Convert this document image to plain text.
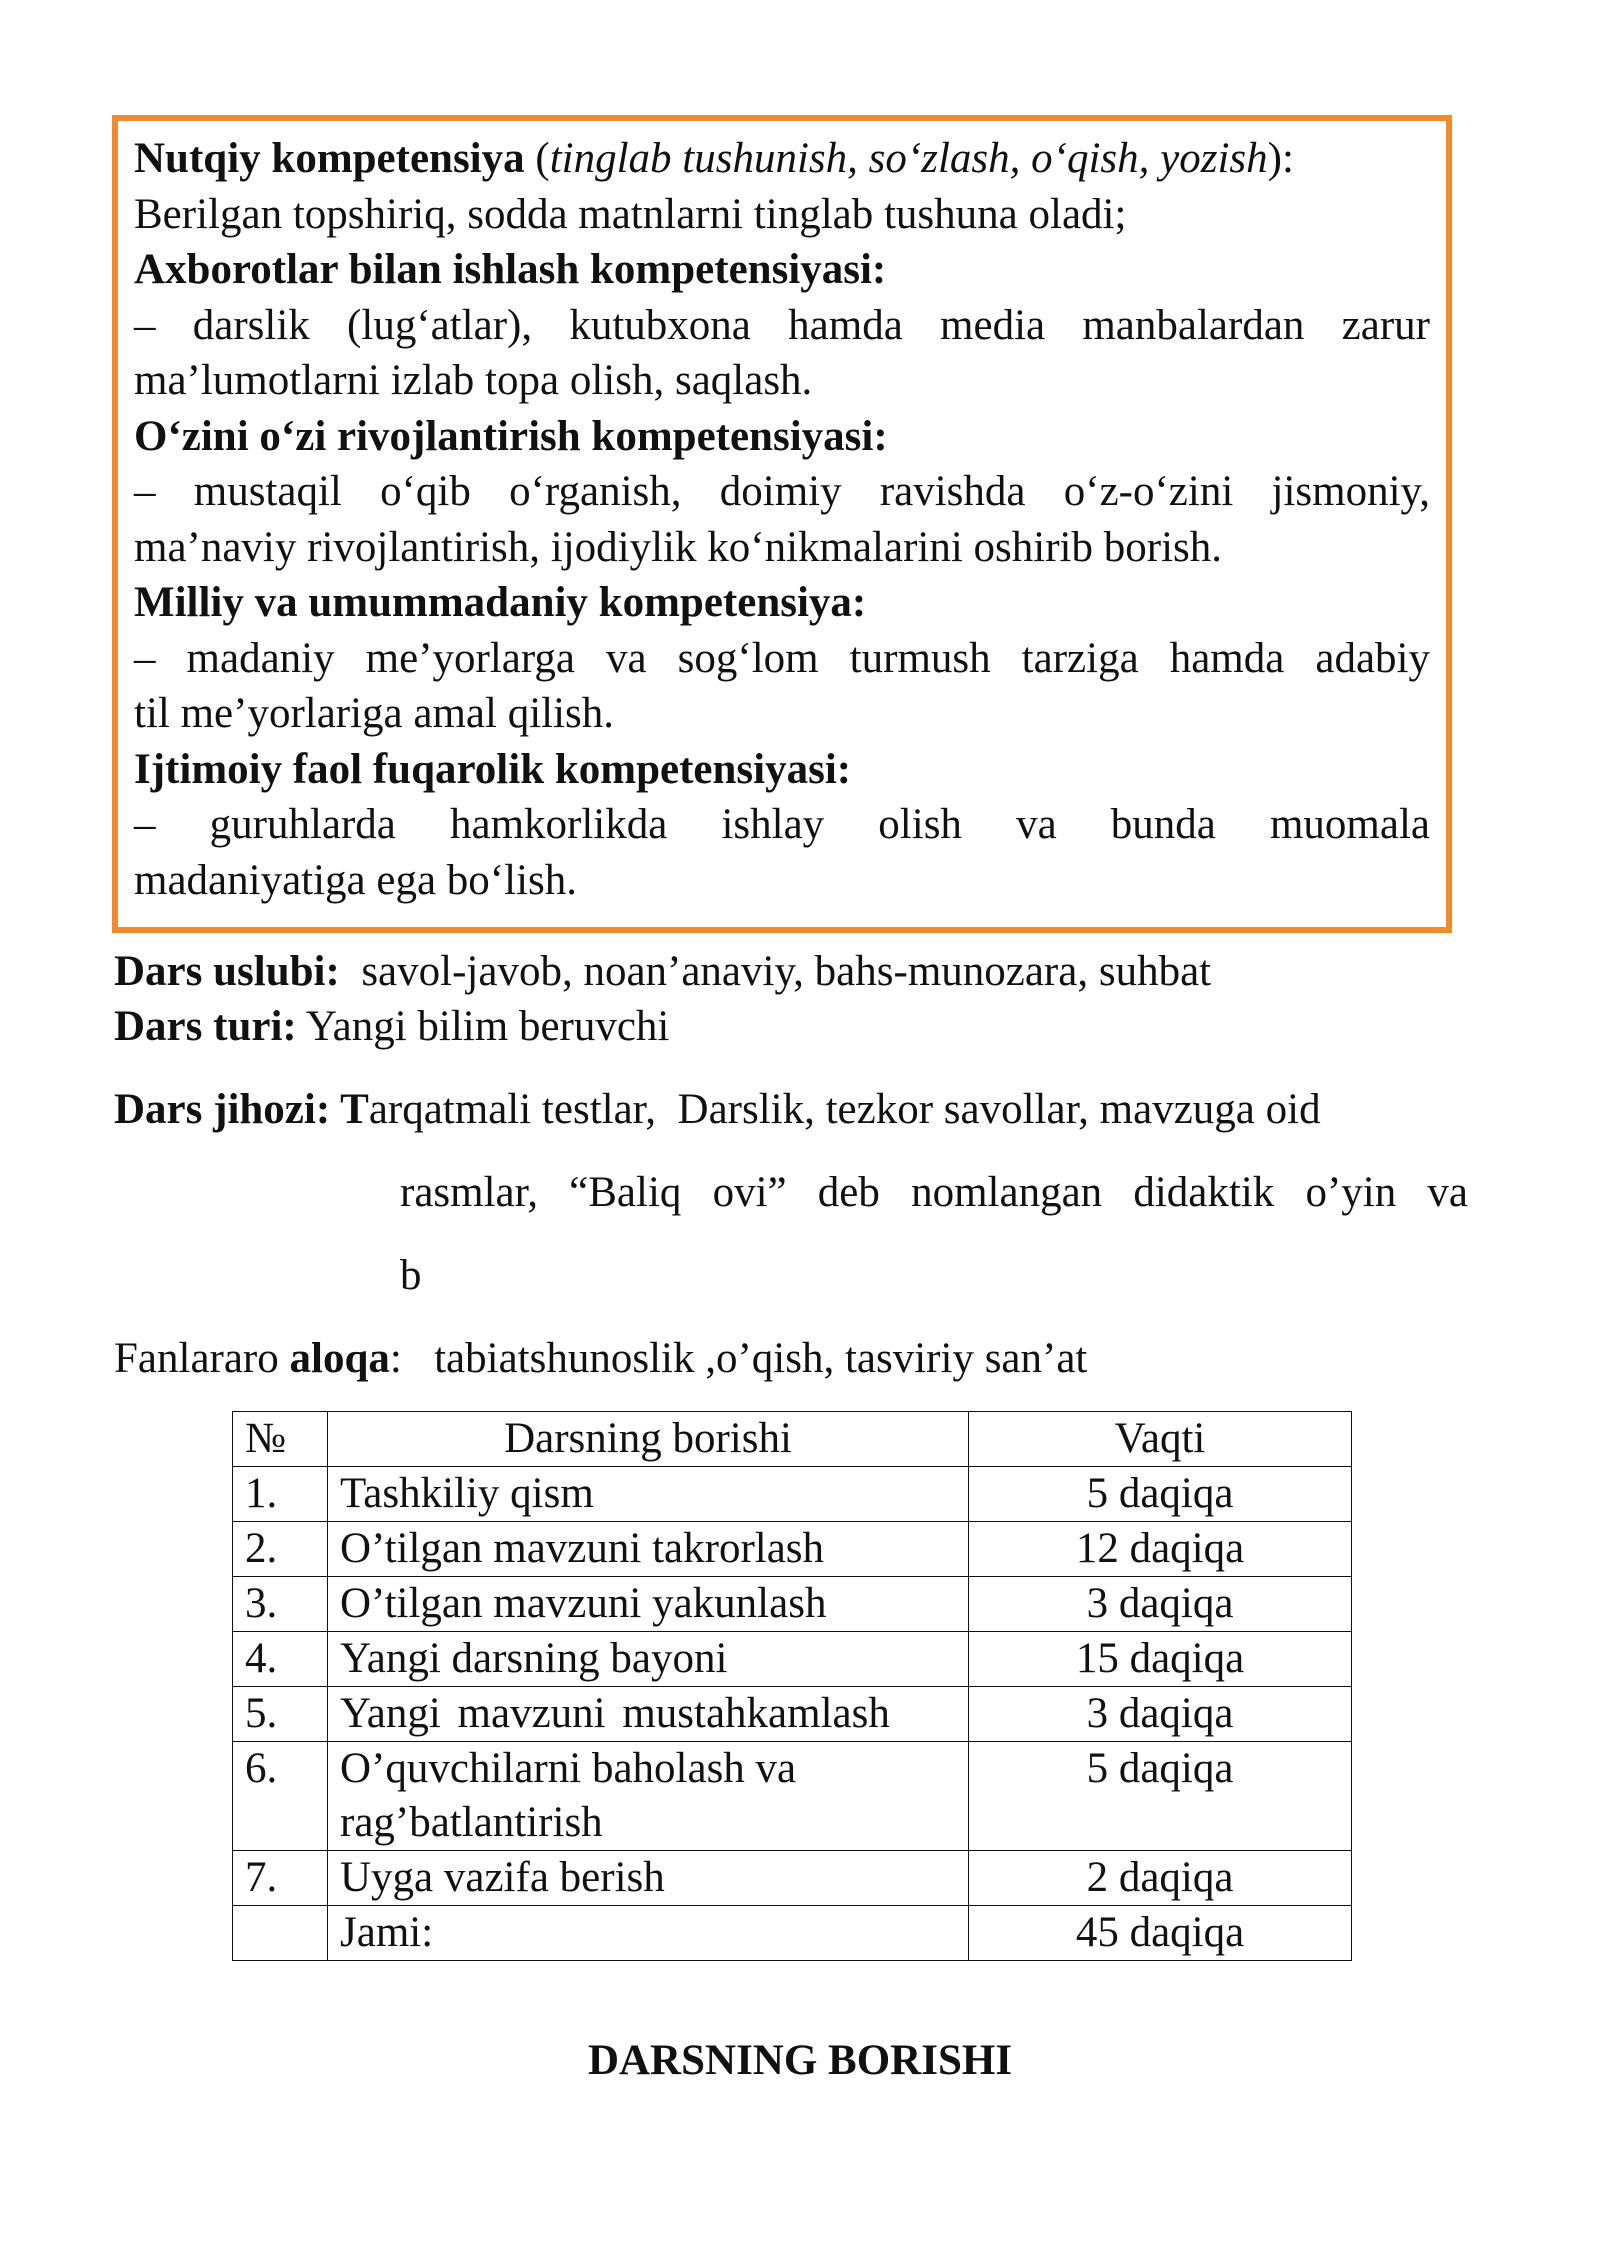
Nutqiy kompetensiya (tinglab tushunish, so‘zlash, o‘qish, yozish):

Berilgan topshiriq, sodda matnlarni tinglab tushuna oladi;

Axborotlar bilan ishlash kompetensiyasi:

– darslik (lug‘atlar), kutubxona hamda media manbalardan zarur

ma’lumotlarni izlab topa olish, saqlash.

O‘zini o‘zi rivojlantirish kompetensiyasi:

– mustaqil o‘qib o‘rganish, doimiy ravishda o‘z-o‘zini jismoniy,

ma’naviy rivojlantirish, ijodiylik ko‘nikmalarini oshirib borish.

Milliy va umummadaniy kompetensiya:

– madaniy me’yorlarga va sog‘lom turmush tarziga hamda adabiy

til me’yorlariga amal qilish.

Ijtimoiy faol fuqarolik kompetensiyasi:

– guruhlarda hamkorlikda ishlay olish va bunda muomala

madaniyatiga ega bo‘lish.

Dars uslubi:  savol-javob, noan’anaviy, bahs-munozara, suhbat
Dars turi: Yangi bilim beruvchi
Dars jihozi: Tarqatmali testlar,  Darslik, tezkor savollar, mavzuga oid
rasmlar, “Baliq ovi” deb nomlangan didaktik o’yin va
b
Fanlararo aloqa:   tabiatshunoslik ,o’qish, tasviriy san’at
№	Darsning borishi	Vaqti
1.	Tashkiliy qism	5 daqiqa
2.	O’tilgan mavzuni takrorlash	12 daqiqa
3.	O’tilgan mavzuni yakunlash	3 daqiqa
4.	Yangi darsning bayoni	15 daqiqa
5.	Yangi mavzuni mustahkamlash	3 daqiqa
6.	O’quvchilarni baholash va rag’batlantirish	5 daqiqa
7.	Uyga vazifa berish	2 daqiqa
	Jami:	45 daqiqa
DARSNING BORISHI
